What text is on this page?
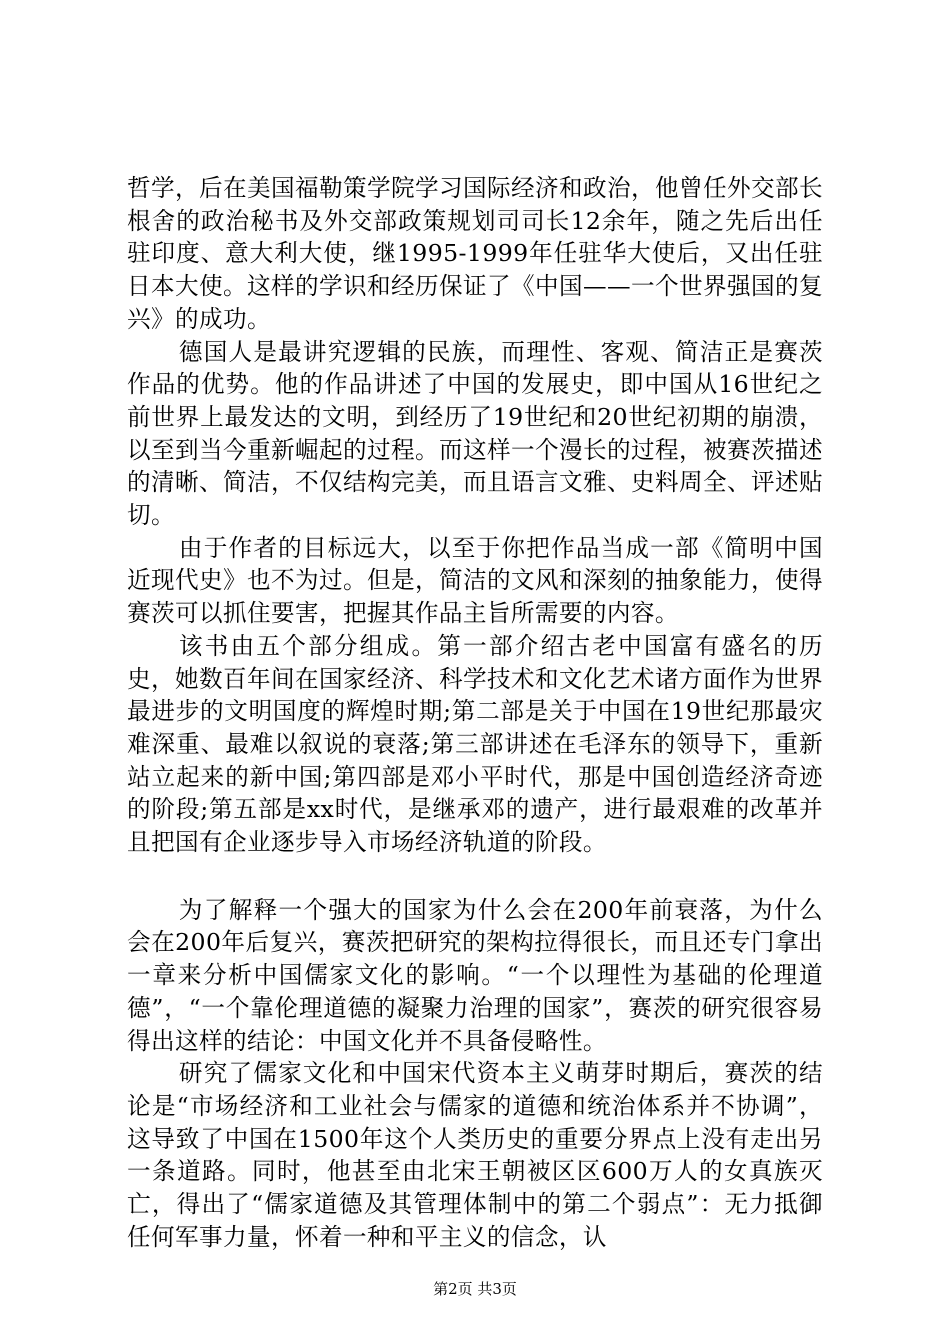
哲学，后在美国福勒策学院学习国际经济和政治，他曾任外交部长根舍的政治秘书及外交部政策规划司司长12余年，随之先后出任驻印度、意大利大使，继1995-1999年任驻华大使后，又出任驻日本大使。这样的学识和经历保证了《中国——一个世界强国的复兴》的成功。

德国人是最讲究逻辑的民族，而理性、客观、简洁正是赛茨作品的优势。他的作品讲述了中国的发展史，即中国从16世纪之前世界上最发达的文明，到经历了19世纪和20世纪初期的崩溃，以至到当今重新崛起的过程。而这样一个漫长的过程，被赛茨描述的清晰、简洁，不仅结构完美，而且语言文雅、史料周全、评述贴切。

由于作者的目标远大，以至于你把作品当成一部《简明中国近现代史》也不为过。但是，简洁的文风和深刻的抽象能力，使得赛茨可以抓住要害，把握其作品主旨所需要的内容。

该书由五个部分组成。第一部介绍古老中国富有盛名的历史，她数百年间在国家经济、科学技术和文化艺术诸方面作为世界最进步的文明国度的辉煌时期;第二部是关于中国在19世纪那最灾难深重、最难以叙说的衰落;第三部讲述在毛泽东的领导下，重新站立起来的新中国;第四部是邓小平时代，那是中国创造经济奇迹的阶段;第五部是xx时代，是继承邓的遗产，进行最艰难的改革并且把国有企业逐步导入市场经济轨道的阶段。

为了解释一个强大的国家为什么会在200年前衰落，为什么会在200年后复兴，赛茨把研究的架构拉得很长，而且还专门拿出一章来分析中国儒家文化的影响。“一个以理性为基础的伦理道德”，“一个靠伦理道德的凝聚力治理的国家”，赛茨的研究很容易得出这样的结论：中国文化并不具备侵略性。

研究了儒家文化和中国宋代资本主义萌芽时期后，赛茨的结论是“市场经济和工业社会与儒家的道德和统治体系并不协调”，这导致了中国在1500年这个人类历史的重要分界点上没有走出另一条道路。同时，他甚至由北宋王朝被区区600万人的女真族灭亡，得出了“儒家道德及其管理体制中的第二个弱点”：无力抵御任何军事力量，怀着一种和平主义的信念，认

第2页 共3页
